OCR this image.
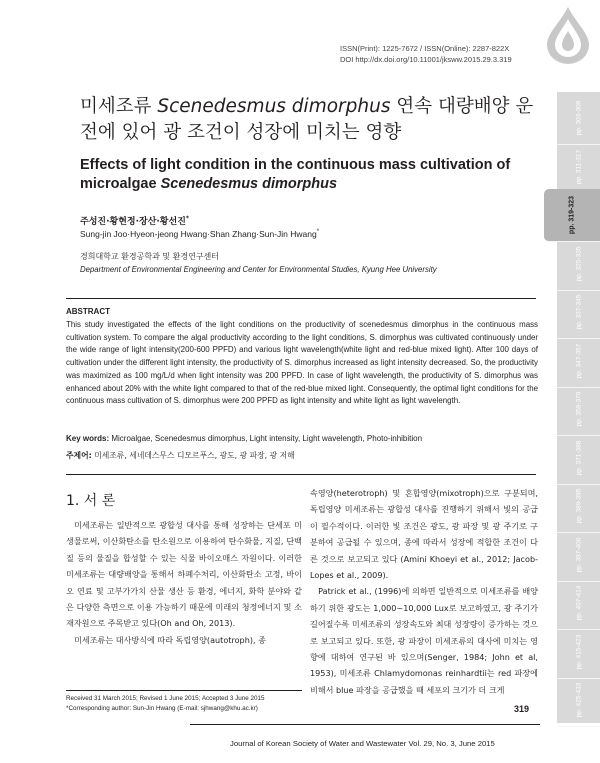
ISSN(Print): 1225-7672 / ISSN(Online): 2287-822X
DOI http://dx.doi.org/10.11001/jksww.2015.29.3.319
pp. 303-309
pp. 311-317
pp. 319-323
pp. 325-335
pp. 337-345
pp. 347-357
pp. 359-370
pp. 371-388
pp. 389-395
pp. 397-406
pp. 407-414
pp. 415-423
pp. 425-433
미세조류 Scenedesmus dimorphus 연속 대량배양 운전에 있어 광 조건이 성장에 미치는 영향
Effects of light condition in the continuous mass cultivation of microalgae Scenedesmus dimorphus
주성진·황현정·장산·황선진*
Sung-jin Joo·Hyeon-jeong Hwang·Shan Zhang·Sun-Jin Hwang*
경희대학교 환경공학과 및 환경연구센터
Department of Environmental Engineering and Center for Environmental Studies, Kyung Hee University
ABSTRACT
This study investigated the effects of the light conditions on the productivity of scenedesmus dimorphus in the continuous mass cultivation system. To compare the algal productivity according to the light conditions, S. dimorphus was cultivated continuously under the wide range of light intensity(200-600 PPFD) and various light wavelength(white light and red-blue mixed light). After 100 days of cultivation under the different light intensity, the productivity of S. dimorphus increased as light intensity decreased. So, the productivity was maximized as 100 mg/L/d when light intensity was 200 PPFD. In case of light wavelength, the productivity of S. dimorphus was enhanced about 20% with the white light compared to that of the red-blue mixed light. Consequently, the optimal light conditions for the continuous mass cultivation of S. dimorphus were 200 PPFD as light intensity and white light as light wavelength.
Key words: Microalgae, Scenedesmus dimorphus, Light intensity, Light wavelength, Photo-inhibition
주제어: 미세조류, 세네데스무스 디모르푸스, 광도, 광 파장, 광 저해
1. 서 론

미세조류는 일반적으로 광합성 대사를 통해 성장하는 단세포 미생물로써, 이산화탄소를 탄소원으로 이용하여 탄수화물, 지질, 단백질 등의 물질을 합성할 수 있는 식물 바이오매스 자원이다. 이러한 미세조류는 대량배양을 통해서 하폐수처리, 이산화탄소 고정, 바이오 연료 및 고부가가치 산물 생산 등 환경, 에너지, 화학 분야와 같은 다양한 측면으로 이용 가능하기 때문에 미래의 청정에너지 및 소재자원으로 주목받고 있다(Oh and Oh, 2013).

미세조류는 대사방식에 따라 독립영양(autotroph), 종

속영양(heterotroph) 및 혼합영양(mixotroph)으로 구분되며, 독립영양 미세조류는 광합성 대사를 진행하기 위해서 빛의 공급이 필수적이다. 이러한 빛 조건은 광도, 광 파장 및 광 주기로 구분하여 공급될 수 있으며, 종에 따라서 성장에 적합한 조건이 다른 것으로 보고되고 있다 (Amini Khoeyi et al., 2012; Jacob-Lopes et al., 2009).

Patrick et al., (1996)에 의하면 일반적으로 미세조류를 배양하기 위한 광도는 1,000~10,000 Lux로 보고하였고, 광 주기가 길어질수록 미세조류의 성장속도와 최대 성장량이 증가하는 것으로 보고되고 있다. 또한, 광 파장이 미세조류의 대사에 미치는 영향에 대하여 연구된 바 있으며(Senger, 1984; John et al, 1953), 미세조류 Chlamydomonas reinhardtii는 red 파장에 비해서 blue 파장을 공급했을 때 세포의 크기가 더 크게

Received 31 March 2015; Revised 1 June 2015; Accepted 3 June 2015
*Corresponding author: Sun-Jin Hwang (E-mail: sjhwang@khu.ac.kr)	319
Journal of Korean Society of Water and Wastewater Vol. 29, No. 3, June 2015
